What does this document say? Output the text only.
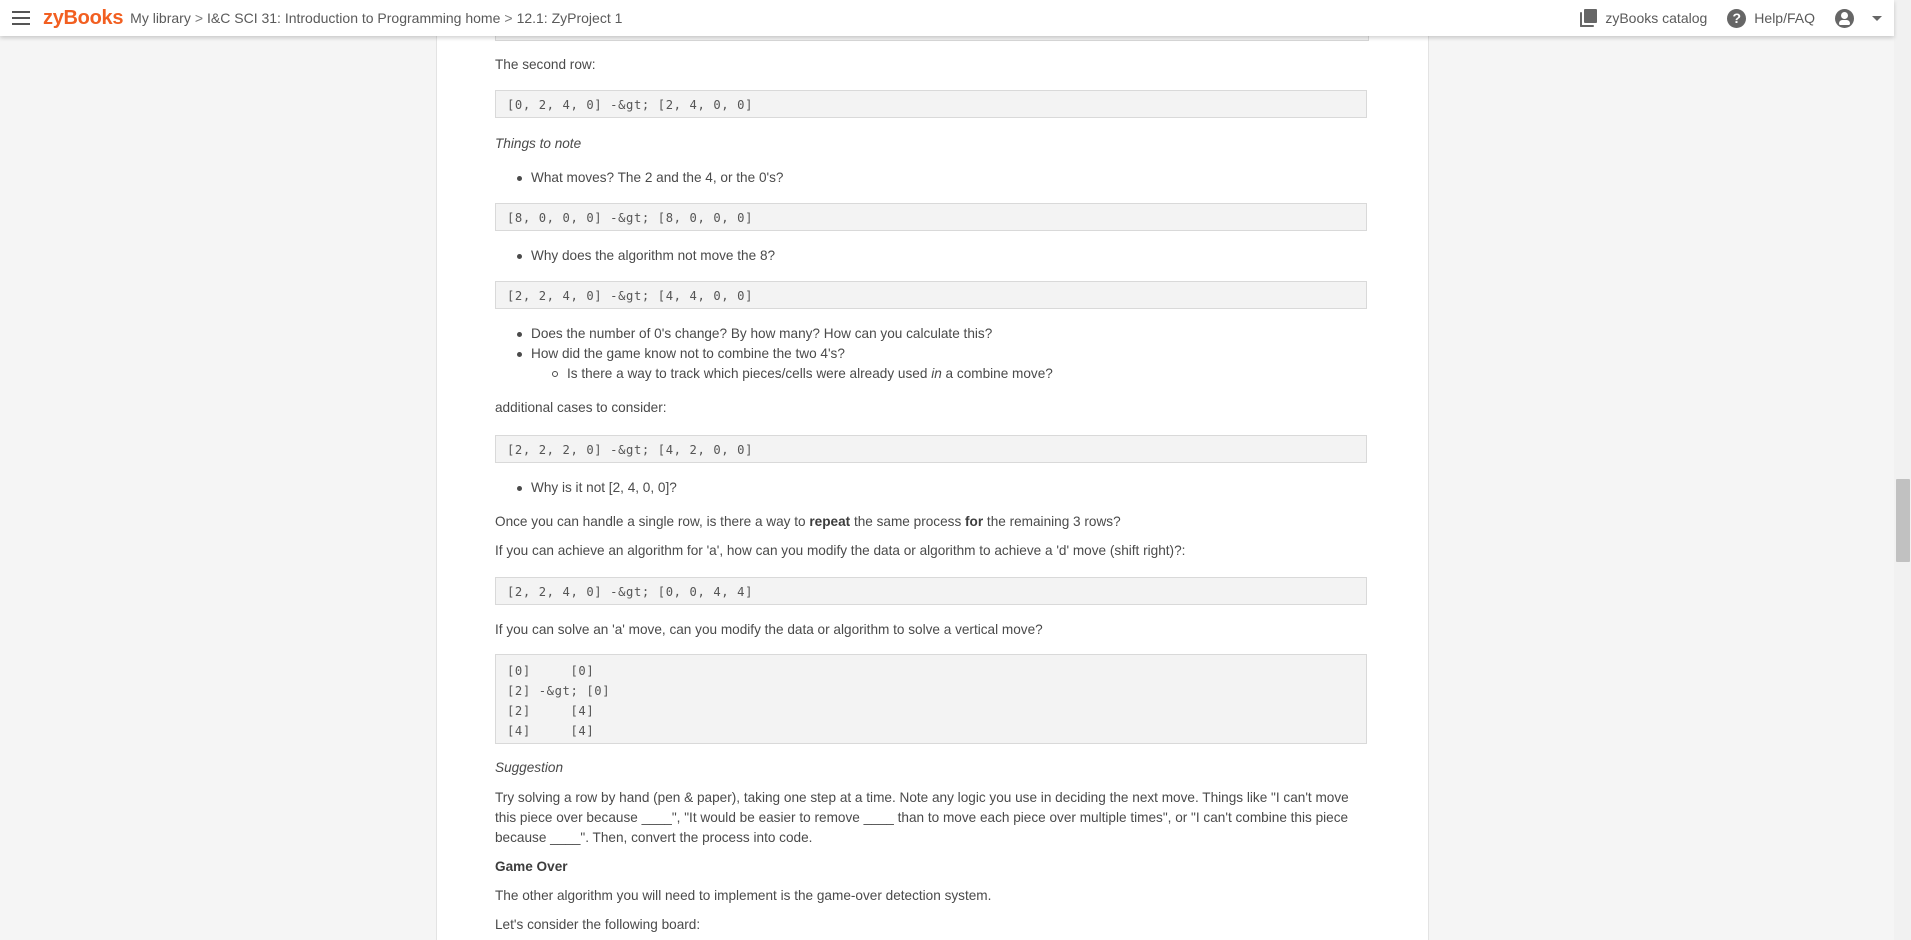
zyBooks My library > I&C SCI 31: Introduction to Programming home > 12.1: ZyProject 1	zyBooks catalog	? Help/FAQ

The second row:

[0, 2, 4, 0] -&gt; [2, 4, 0, 0]

Things to note

What moves? The 2 and the 4, or the 0's?
[8, 0, 0, 0] -&gt; [8, 0, 0, 0]
Why does the algorithm not move the 8?
[2, 2, 4, 0] -&gt; [4, 4, 0, 0]
Does the number of 0's change? By how many? How can you calculate this?
How did the game know not to combine the two 4's?
Is there a way to track which pieces/cells were already used in a combine move?

additional cases to consider:

[2, 2, 2, 0] -&gt; [4, 2, 0, 0]
Why is it not [2, 4, 0, 0]?

Once you can handle a single row, is there a way to repeat the same process for the remaining 3 rows?

If you can achieve an algorithm for 'a', how can you modify the data or algorithm to achieve a 'd' move (shift right)?:

[2, 2, 4, 0] -&gt; [0, 0, 4, 4]

If you can solve an 'a' move, can you modify the data or algorithm to solve a vertical move?

[0]     [0]
[2] -&gt; [0]
[2]     [4]
[4]     [4]

Suggestion

Try solving a row by hand (pen & paper), taking one step at a time. Note any logic you use in deciding the next move. Things like "I can't move this piece over because ____", "It would be easier to remove ____ than to move each piece over multiple times", or "I can't combine this piece because ____". Then, convert the process into code.

Game Over

The other algorithm you will need to implement is the game-over detection system.

Let's consider the following board:
